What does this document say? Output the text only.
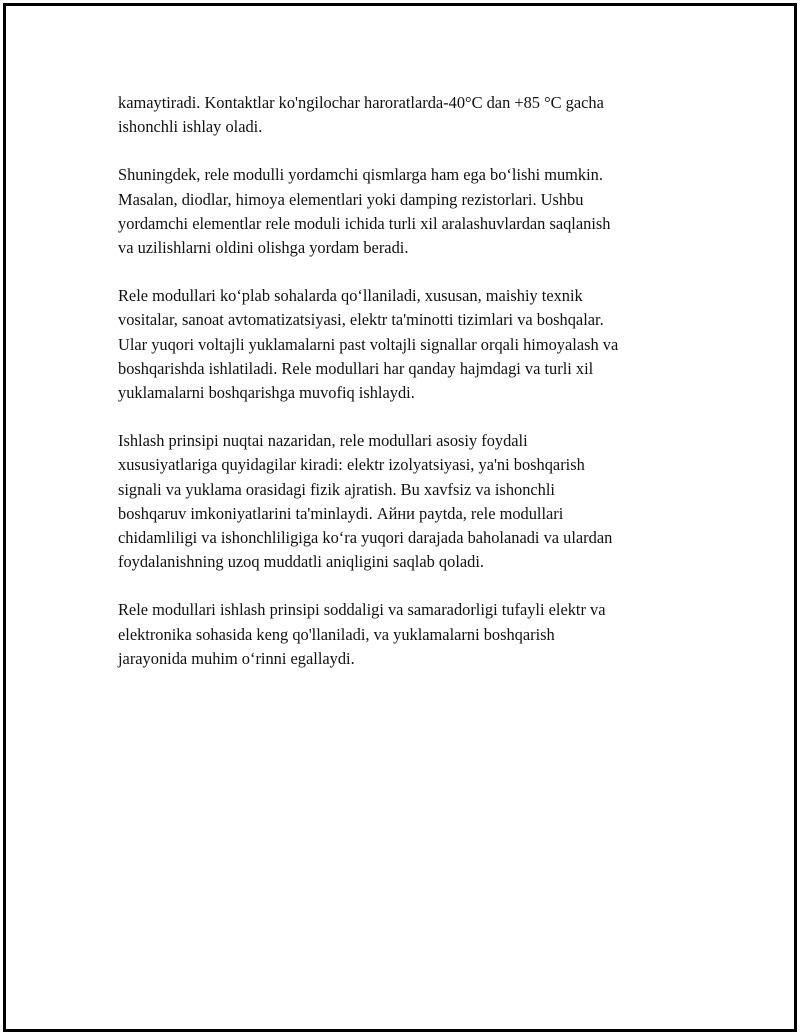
kamaytiradi. Kontaktlar ko'ngilochar haroratlarda-40°C dan +85 °C gacha
ishonchli ishlay oladi.

Shuningdek, rele modulli yordamchi qismlarga ham ega bo‘lishi mumkin.
Masalan, diodlar, himoya elementlari yoki damping rezistorlari. Ushbu
yordamchi elementlar rele moduli ichida turli xil aralashuvlardan saqlanish
va uzilishlarni oldini olishga yordam beradi.

Rele modullari ko‘plab sohalarda qo‘llaniladi, xususan, maishiy texnik
vositalar, sanoat avtomatizatsiyasi, elektr ta'minotti tizimlari va boshqalar.
Ular yuqori voltajli yuklamalarni past voltajli signallar orqali himoyalash va
boshqarishda ishlatiladi. Rele modullari har qanday hajmdagi va turli xil
yuklamalarni boshqarishga muvofiq ishlaydi.

Ishlash prinsipi nuqtai nazaridan, rele modullari asosiy foydali
xususiyatlariga quyidagilar kiradi: elektr izolyatsiyasi, ya'ni boshqarish
signali va yuklama orasidagi fizik ajratish. Bu xavfsiz va ishonchli
boshqaruv imkoniyatlarini ta'minlaydi. Айни paytda, rele modullari
chidamliligi va ishonchliligiga ko‘ra yuqori darajada baholanadi va ulardan
foydalanishning uzoq muddatli aniqligini saqlab qoladi.

Rele modullari ishlash prinsipi soddaligi va samaradorligi tufayli elektr va
elektronika sohasida keng qo'llaniladi, va yuklamalarni boshqarish
jarayonida muhim o‘rinni egallaydi.
